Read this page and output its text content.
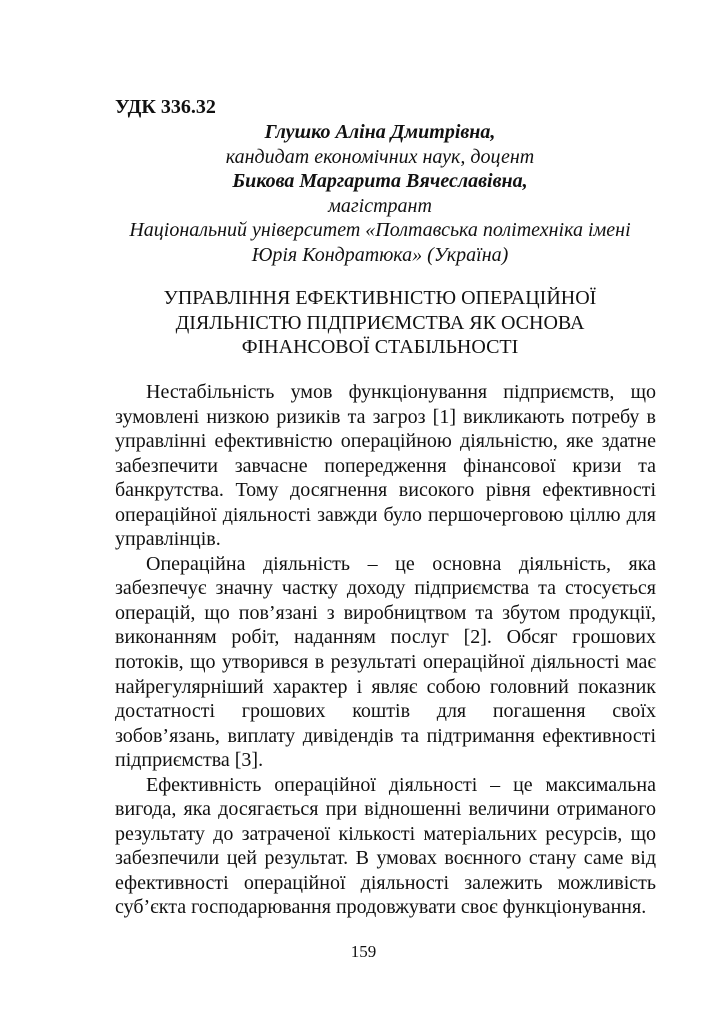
УДК 336.32
Глушко Аліна Дмитрівна,
кандидат економічних наук, доцент
Бикова Маргарита Вячеславівна,
магістрант
Національний університет «Полтавська політехніка імені
Юрія Кондратюка» (Україна)
УПРАВЛІННЯ ЕФЕКТИВНІСТЮ ОПЕРАЦІЙНОЇ
ДІЯЛЬНІСТЮ ПІДПРИЄМСТВА ЯК ОСНОВА
ФІНАНСОВОЇ СТАБІЛЬНОСТІ
Нестабільність умов функціонування підприємств, що
зумовлені низкою ризиків та загроз [1] викликають потребу в
управлінні ефективністю операційною діяльністю, яке здатне
забезпечити завчасне попередження фінансової кризи та
банкрутства. Тому досягнення високого рівня ефективності
операційної діяльності завжди було першочерговою ціллю для
управлінців.
Операційна діяльність – це основна діяльність, яка
забезпечує значну частку доходу підприємства та стосується
операцій, що пов’язані з виробництвом та збутом продукції,
виконанням робіт, наданням послуг [2]. Обсяг грошових
потоків, що утворився в результаті операційної діяльності має
найрегулярніший характер і являє собою головний показник
достатності грошових коштів для погашення своїх
зобов’язань, виплату дивідендів та підтримання ефективності
підприємства [3].
Ефективність операційної діяльності – це максимальна
вигода, яка досягається при відношенні величини отриманого
результату до затраченої кількості матеріальних ресурсів, що
забезпечили цей результат. В умовах воєнного стану саме від
ефективності операційної діяльності залежить можливість
суб’єкта господарювання продовжувати своє функціонування.
159
